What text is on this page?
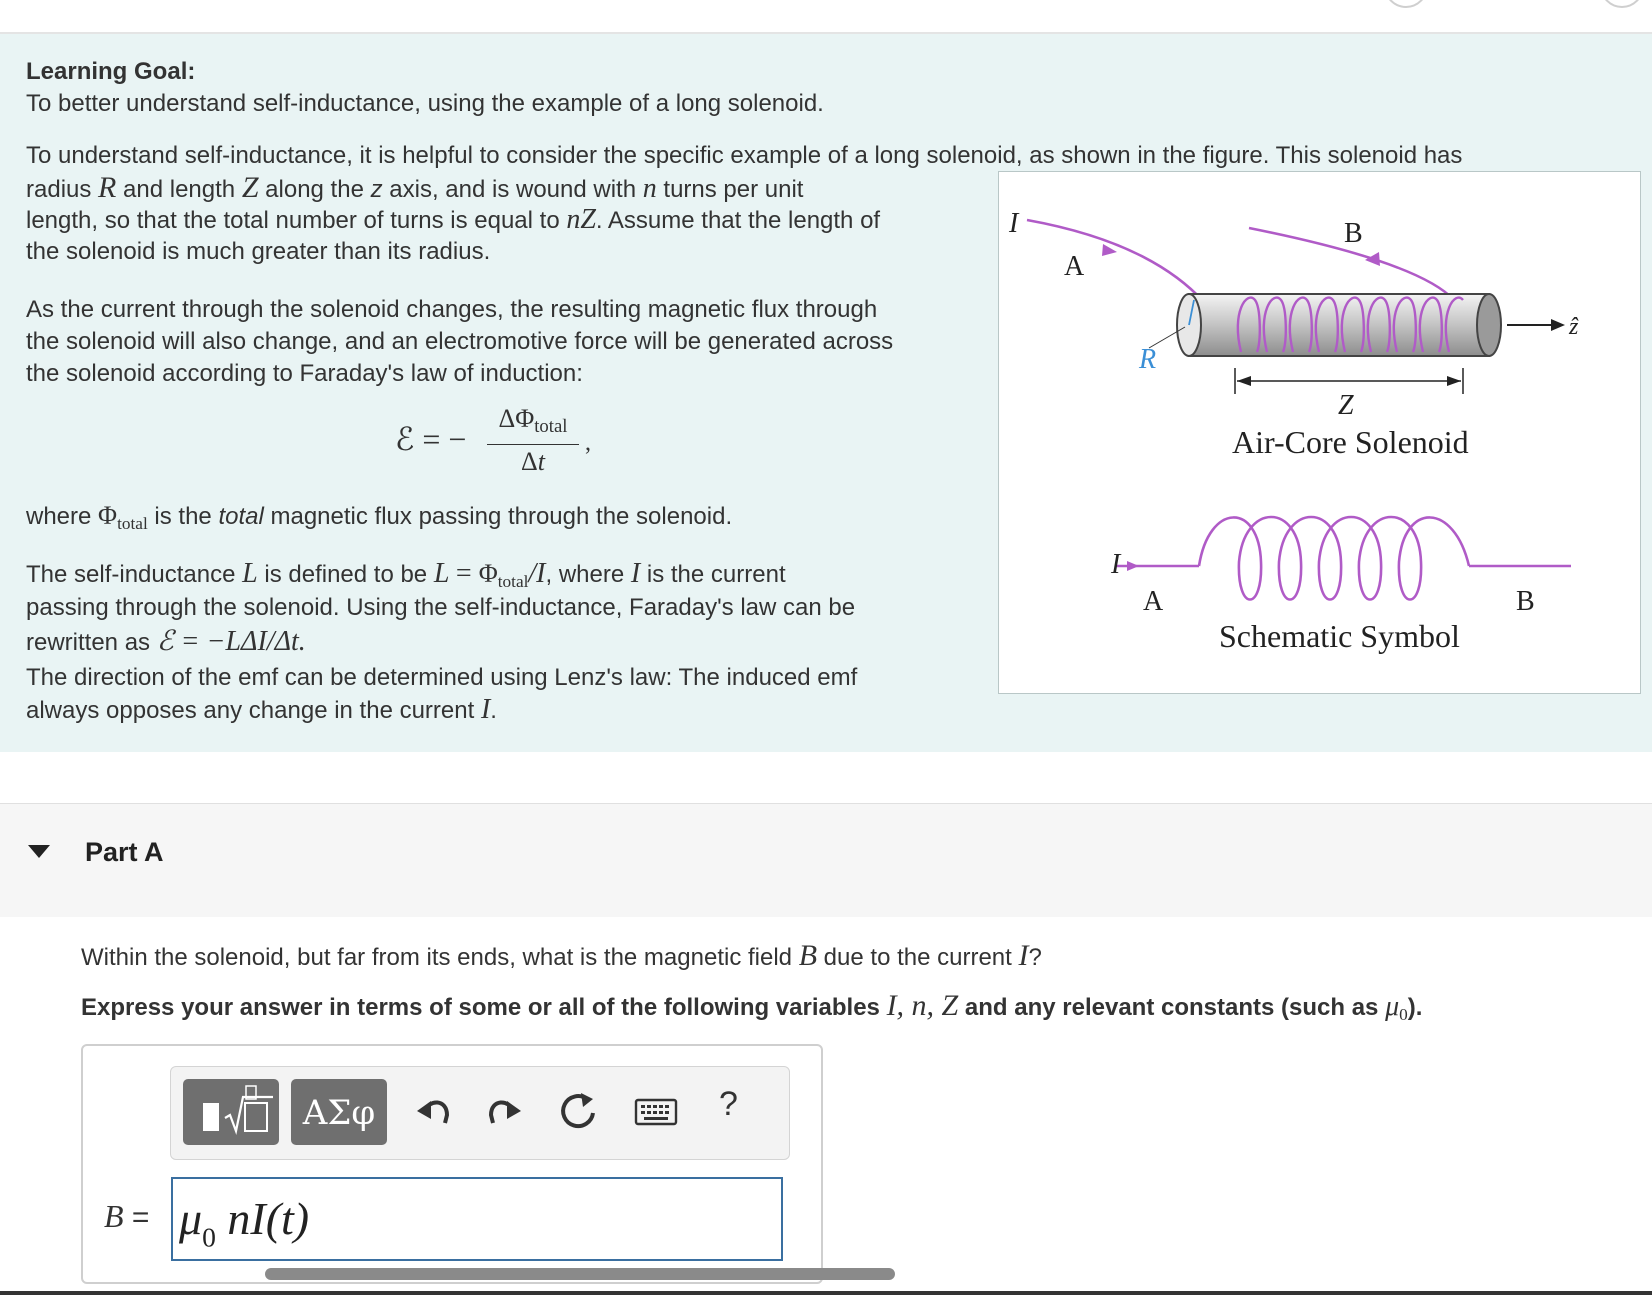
Learning Goal:
To better understand self-inductance, using the example of a long solenoid.
To understand self-inductance, it is helpful to consider the specific example of a long solenoid, as shown in the figure. This solenoid has
radius R and length Z along the z axis, and is wound with n turns per unit
length, so that the total number of turns is equal to nZ. Assume that the length of
the solenoid is much greater than its radius.
As the current through the solenoid changes, the resulting magnetic flux through
the solenoid will also change, and an electromotive force will be generated across
the solenoid according to Faraday's law of induction:
ℰ = −
$\Delta\Phi_{total}$
Δt
,
where $\Phi_{total}$ is the total magnetic flux passing through the solenoid.
The self-inductance L is defined to be $L = \Phi_{total}/I$, where I is the current
passing through the solenoid. Using the self-inductance, Faraday's law can be
rewritten as ℰ = −LΔI/Δt.
The direction of the emf can be determined using Lenz's law: The induced emf
always opposes any change in the current I.
I
A
B
R
Z
ẑ
Air-Core Solenoid
I
A	B
Schematic Symbol
Part A
Within the solenoid, but far from its ends, what is the magnetic field B due to the current I?
Express your answer in terms of some or all of the following variables I, n, Z and any relevant constants (such as $\mu_0$).
ΑΣφ	?
$B = \mu_0$ nI(t)
